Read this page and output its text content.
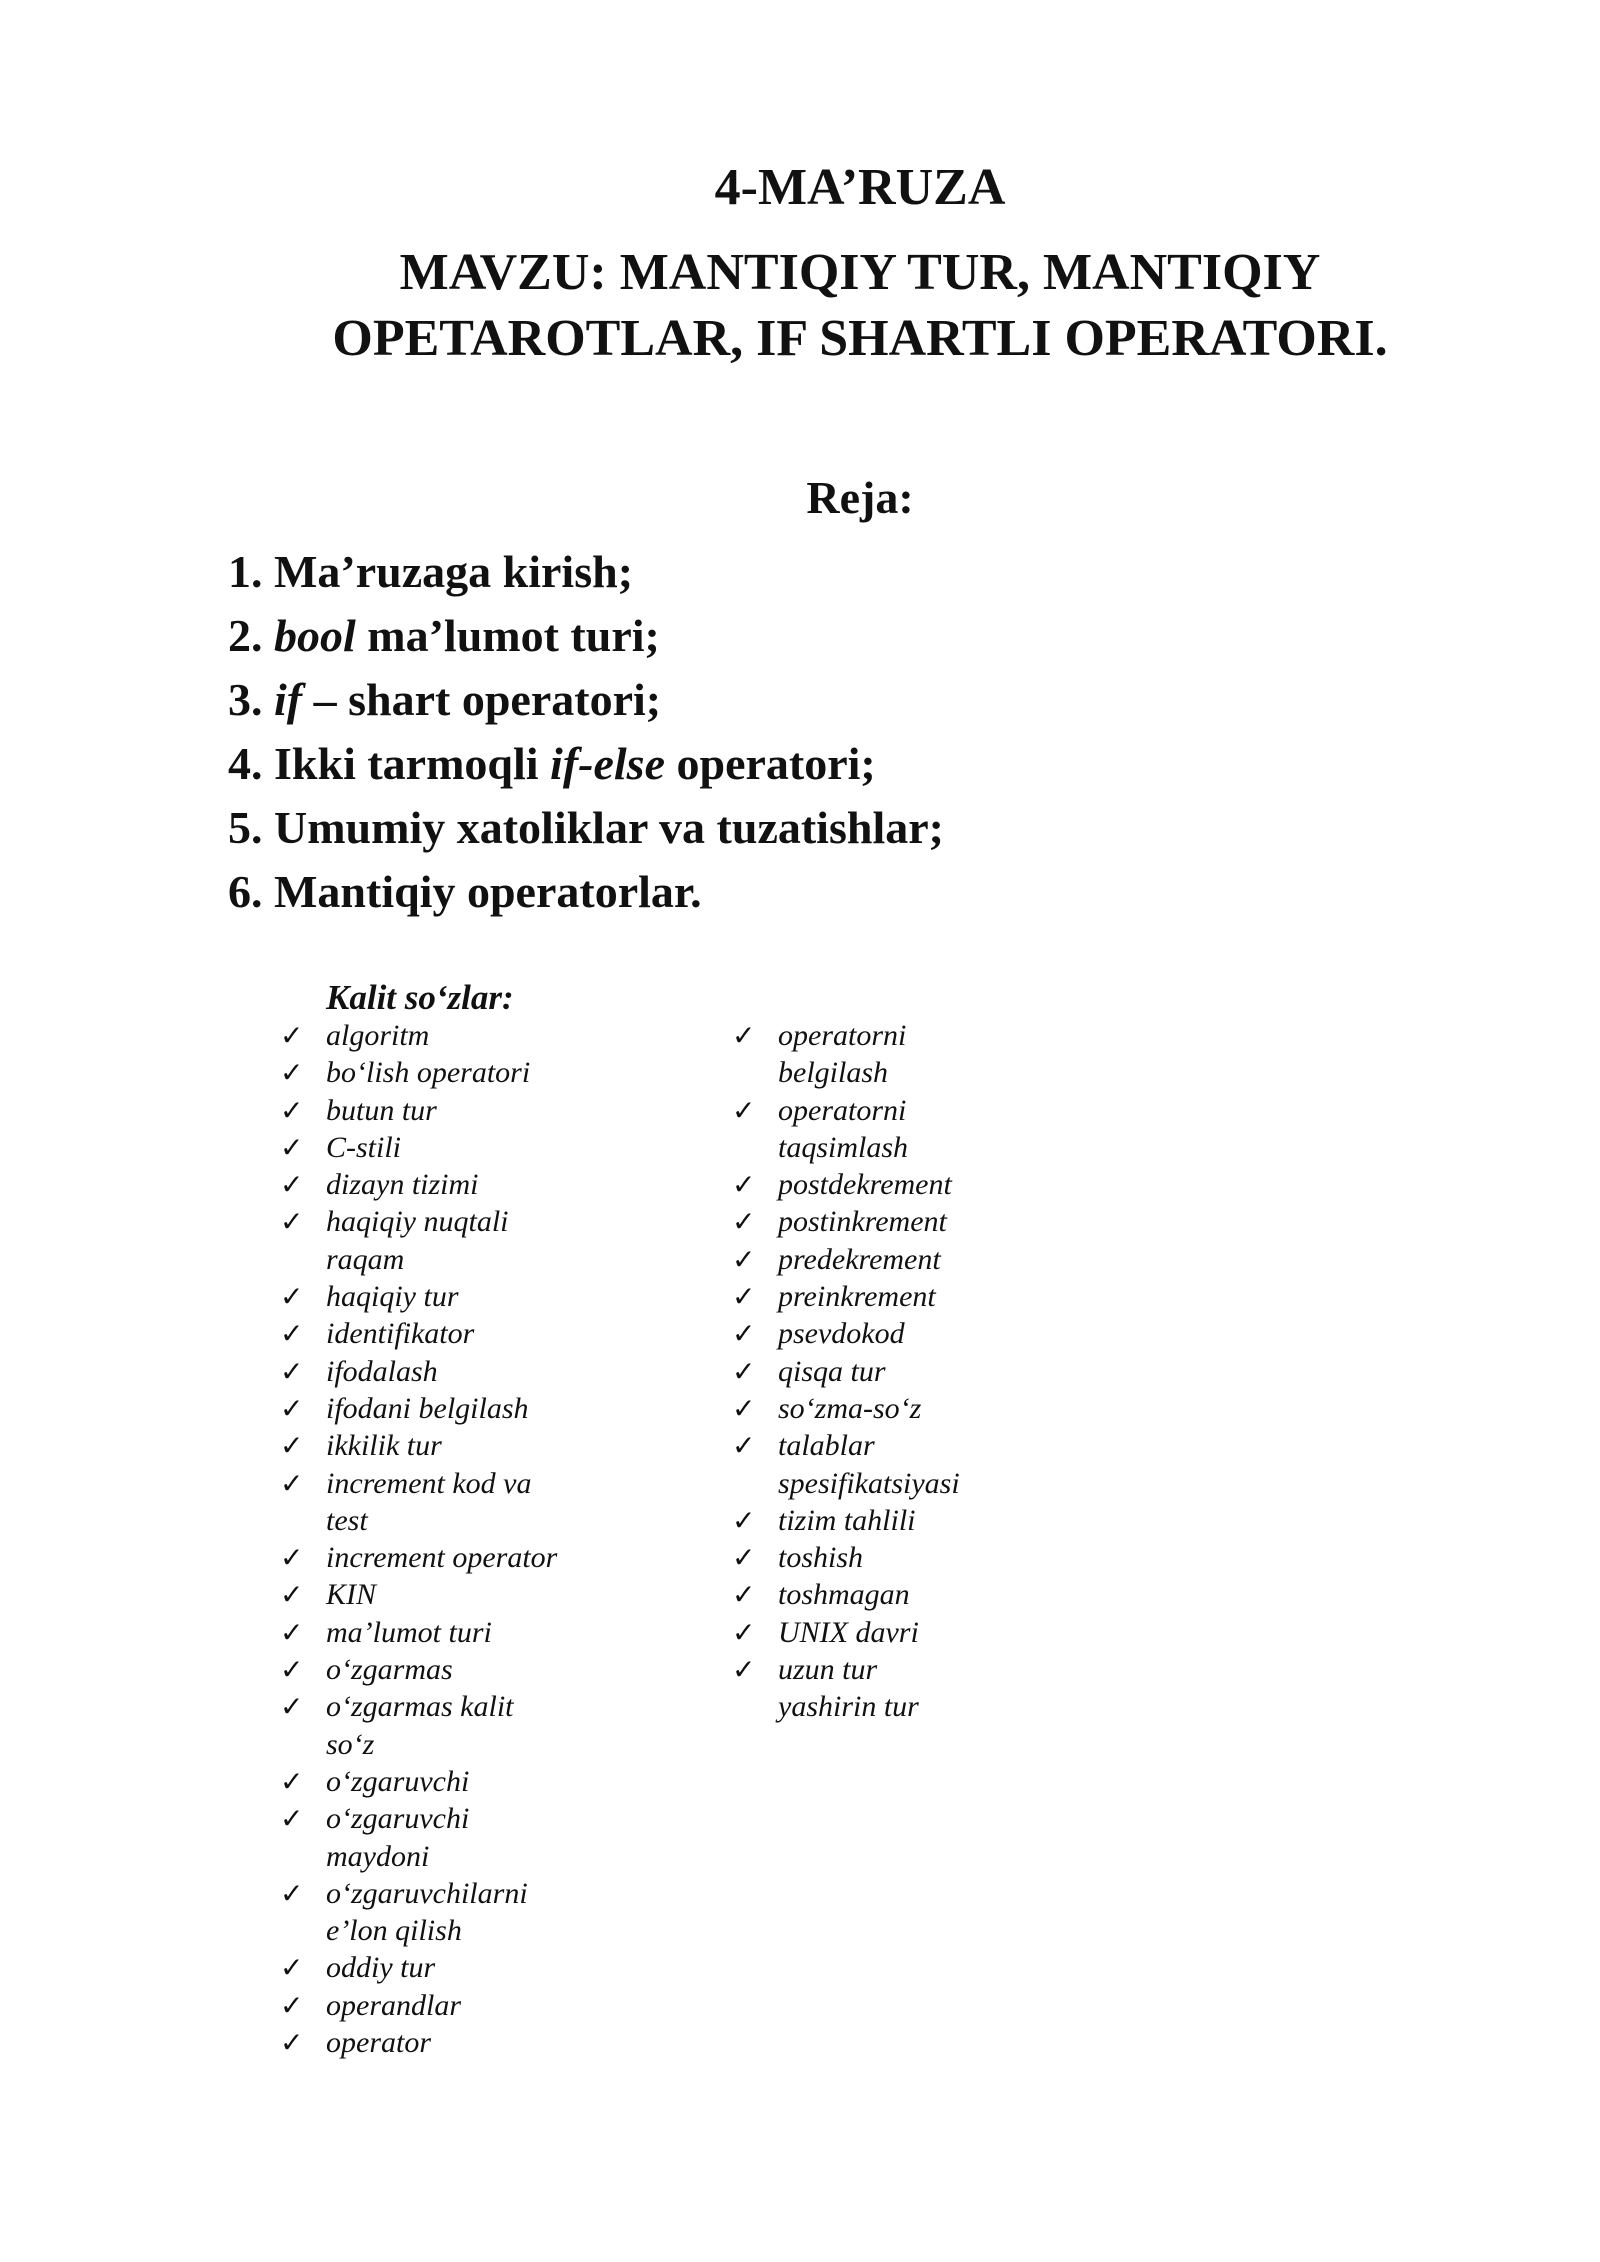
4-MA’RUZA
MAVZU: MANTIQIY TUR, MANTIQIY
OPETAROTLAR, IF SHARTLI OPERATORI.
Reja:
1. Ma’ruzaga kirish;
2. bool ma’lumot turi;
3. if – shart operatori;
4. Ikki tarmoqli if-else operatori;
5. Umumiy xatoliklar va tuzatishlar;
6. Mantiqiy operatorlar.
Kalit so‘zlar:
✓ algoritm
✓ bo‘lish operatori
✓ butun tur
✓ C-stili
✓ dizayn tizimi
✓ haqiqiy nuqtali
raqam
✓ haqiqiy tur
✓ identifikator
✓ ifodalash
✓ ifodani belgilash
✓ ikkilik tur
✓ increment kod va
test
✓ increment operator
✓ KIN
✓ ma’lumot turi
✓ o‘zgarmas
✓ o‘zgarmas kalit
so‘z
✓ o‘zgaruvchi
✓ o‘zgaruvchi
maydoni
✓ o‘zgaruvchilarni
e’lon qilish
✓ oddiy tur
✓ operandlar
✓ operator
✓ operatorni
belgilash
✓ operatorni
taqsimlash
✓ postdekrement
✓ postinkrement
✓ predekrement
✓ preinkrement
✓ psevdokod
✓ qisqa tur
✓ so‘zma-so‘z
✓ talablar
spesifikatsiyasi
✓ tizim tahlili
✓ toshish
✓ toshmagan
✓ UNIX davri
✓ uzun tur
yashirin tur
